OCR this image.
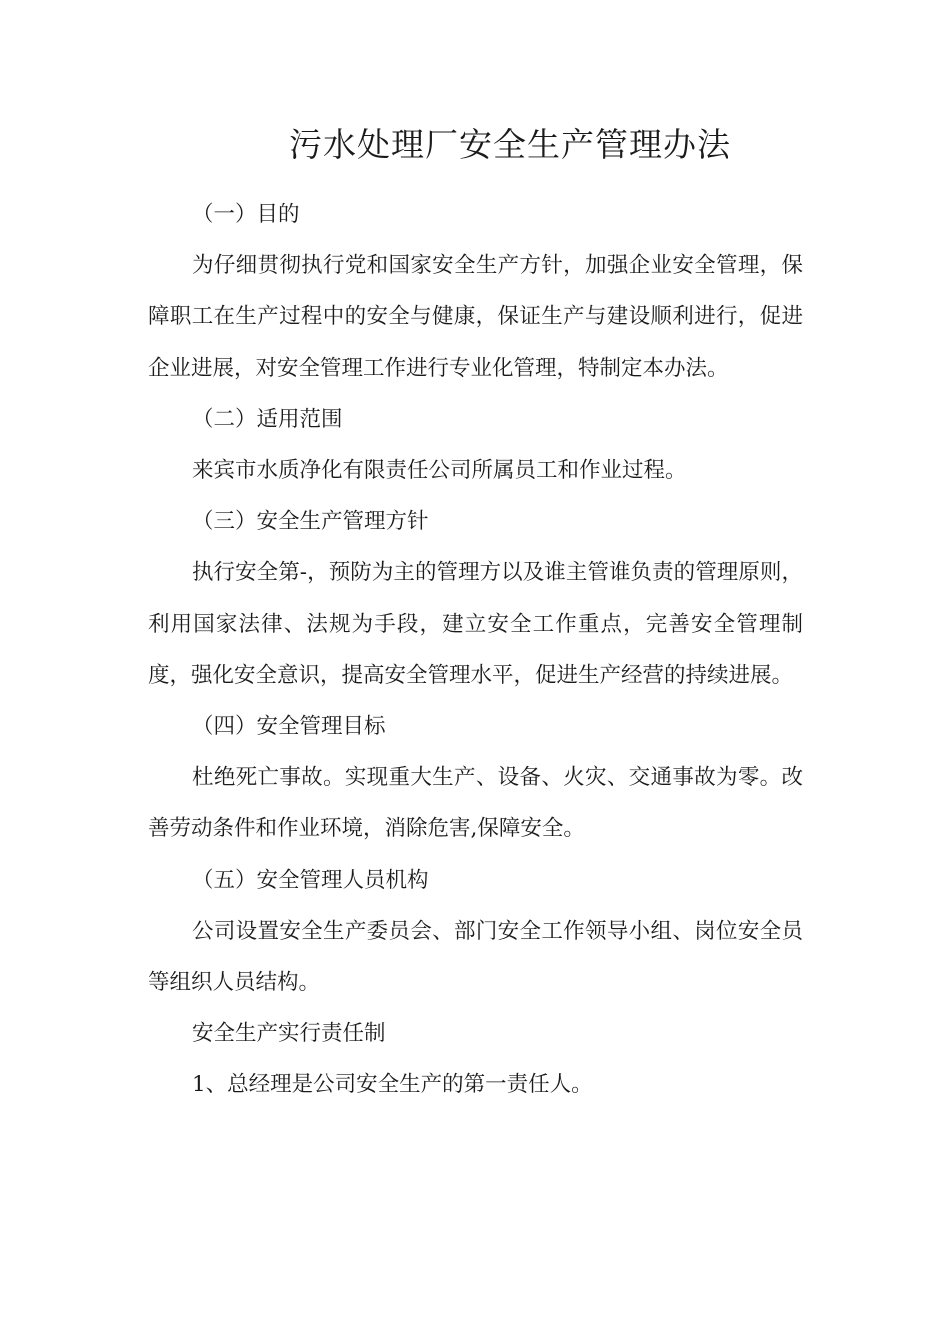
污水处理厂安全生产管理办法

（一）目的

为仔细贯彻执行党和国家安全生产方针，加强企业安全管理，保障职工在生产过程中的安全与健康，保证生产与建设顺利进行，促进企业进展，对安全管理工作进行专业化管理，特制定本办法。

（二）适用范围

来宾市水质净化有限责任公司所属员工和作业过程。

（三）安全生产管理方针

执行安全第-，预防为主的管理方以及谁主管谁负责的管理原则，利用国家法律、法规为手段，建立安全工作重点，完善安全管理制度，强化安全意识，提高安全管理水平，促进生产经营的持续进展。

（四）安全管理目标

杜绝死亡事故。实现重大生产、设备、火灾、交通事故为零。改善劳动条件和作业环境，消除危害,保障安全。

（五）安全管理人员机构

公司设置安全生产委员会、部门安全工作领导小组、岗位安全员等组织人员结构。

安全生产实行责任制

1、总经理是公司安全生产的第一责任人。
